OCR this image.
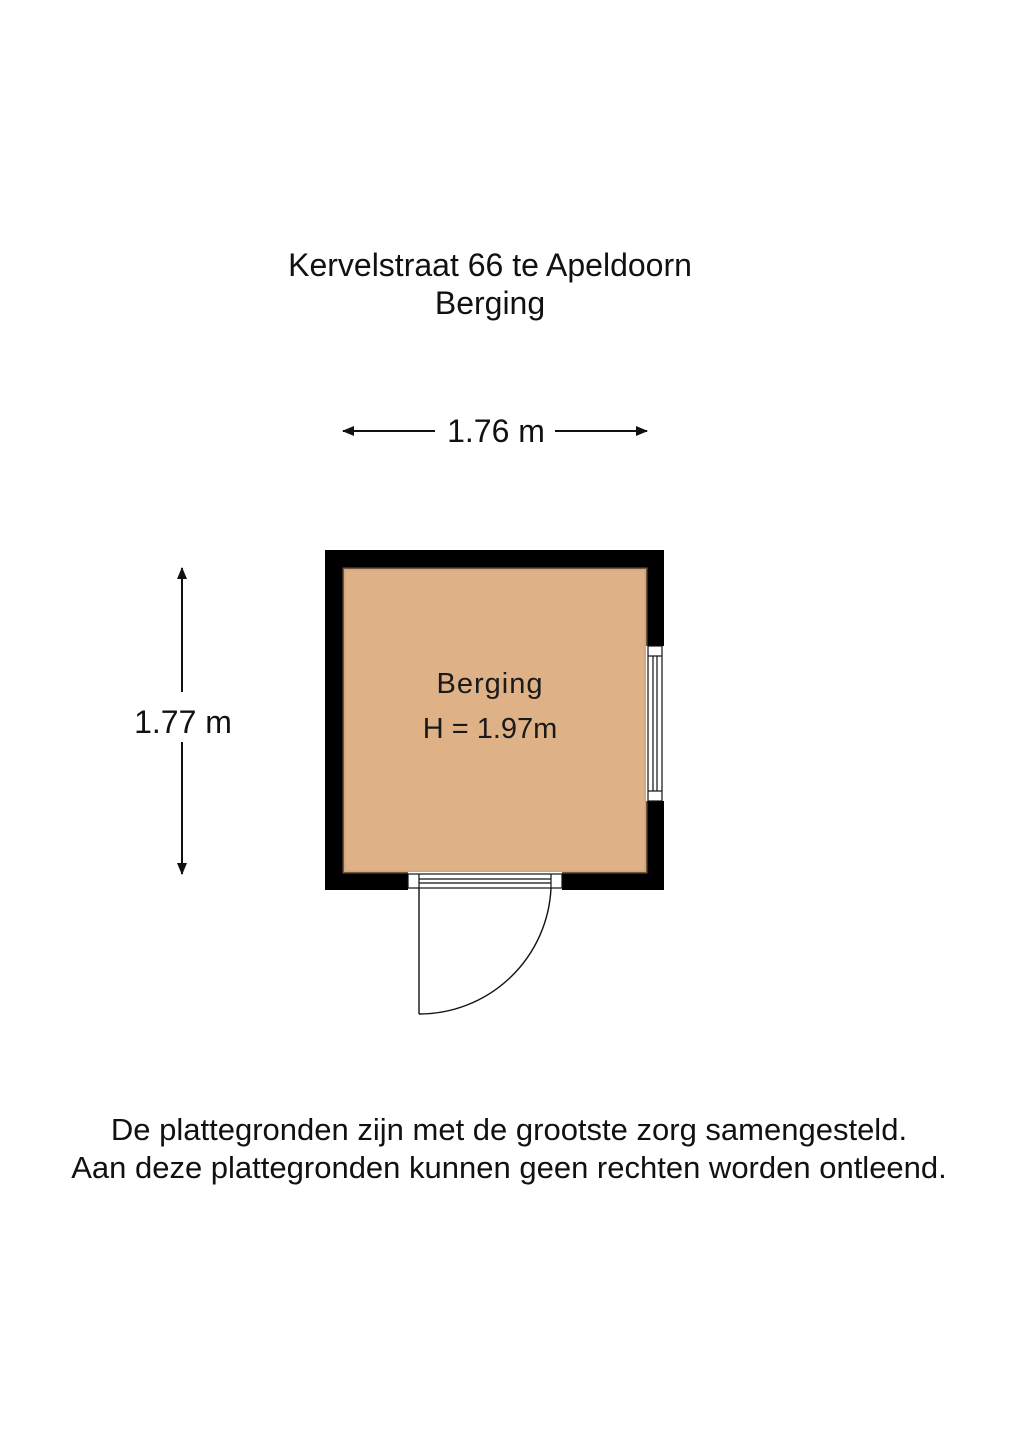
Kervelstraat 66 te Apeldoorn
Berging
1.76 m
1.77 m
Berging
H = 1.97m
De plattegronden zijn met de grootste zorg samengesteld.
Aan deze plattegronden kunnen geen rechten worden ontleend.
